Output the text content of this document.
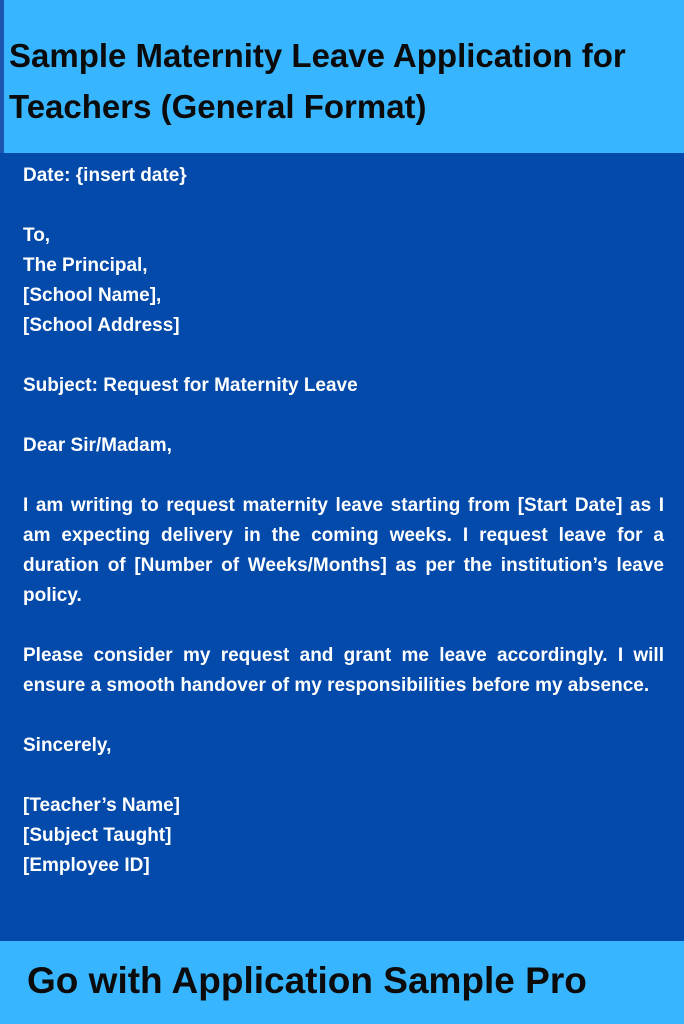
Sample Maternity Leave Application for Teachers (General Format)

Date: {insert date}

To,

The Principal,

[School Name],

[School Address]

Subject: Request for Maternity Leave

Dear Sir/Madam,

I am writing to request maternity leave starting from [Start Date] as I am expecting delivery in the coming weeks. I request leave for a duration of [Number of Weeks/Months] as per the institution’s leave policy.

Please consider my request and grant me leave accordingly. I will ensure a smooth handover of my responsibilities before my absence.

Sincerely,

[Teacher’s Name]

[Subject Taught]

[Employee ID]

Go with Application Sample Pro
